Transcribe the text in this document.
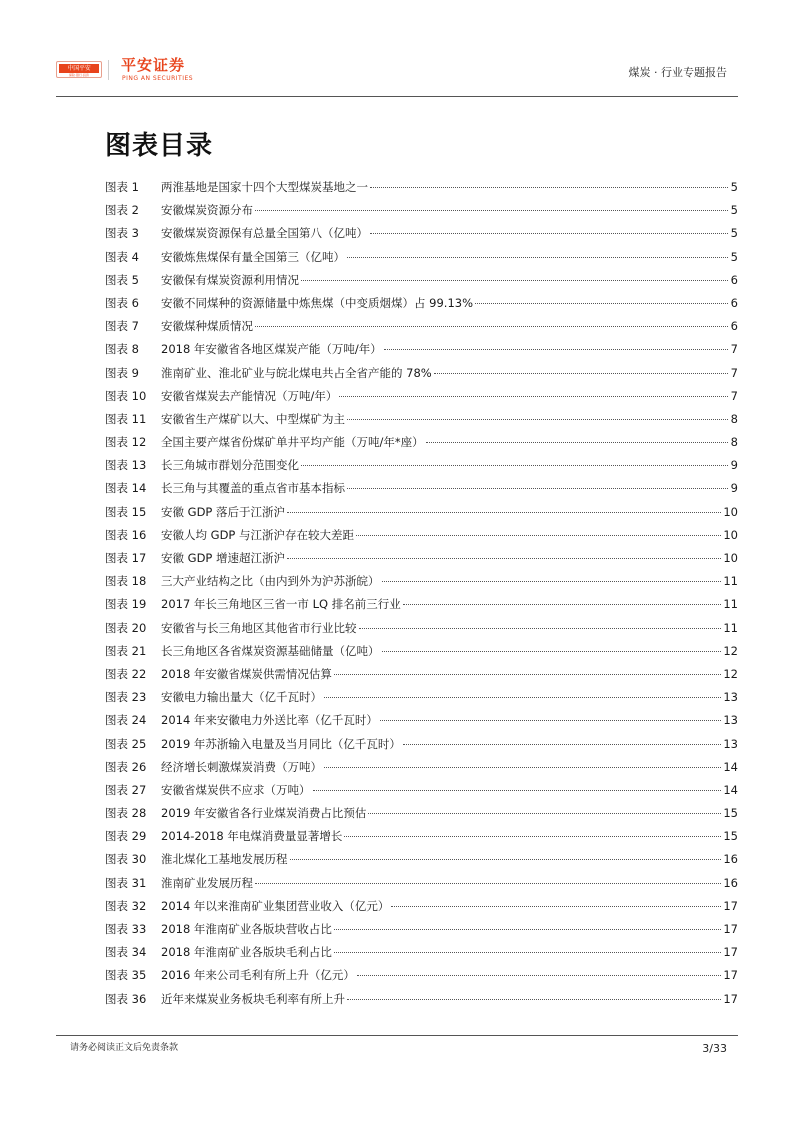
中国平安
保险·银行·投资
平安证券
PING AN SECURITIES	煤炭 · 行业专题报告
图表目录
图表 1	两淮基地是国家十四个大型煤炭基地之一	5
图表 2	安徽煤炭资源分布	5
图表 3	安徽煤炭资源保有总量全国第八（亿吨）	5
图表 4	安徽炼焦煤保有量全国第三（亿吨）	5
图表 5	安徽保有煤炭资源利用情况	6
图表 6	安徽不同煤种的资源储量中炼焦煤（中变质烟煤）占 99.13%	6
图表 7	安徽煤种煤质情况	6
图表 8	2018 年安徽省各地区煤炭产能（万吨/年）	7
图表 9	淮南矿业、淮北矿业与皖北煤电共占全省产能的 78%	7
图表 10	安徽省煤炭去产能情况（万吨/年）	7
图表 11	安徽省生产煤矿以大、中型煤矿为主	8
图表 12	全国主要产煤省份煤矿单井平均产能（万吨/年*座）	8
图表 13	长三角城市群划分范围变化	9
图表 14	长三角与其覆盖的重点省市基本指标	9
图表 15	安徽 GDP 落后于江浙沪	10
图表 16	安徽人均 GDP 与江浙沪存在较大差距	10
图表 17	安徽 GDP 增速超江浙沪	10
图表 18	三大产业结构之比（由内到外为沪苏浙皖）	11
图表 19	2017 年长三角地区三省一市 LQ 排名前三行业	11
图表 20	安徽省与长三角地区其他省市行业比较	11
图表 21	长三角地区各省煤炭资源基础储量（亿吨）	12
图表 22	2018 年安徽省煤炭供需情况估算	12
图表 23	安徽电力输出量大（亿千瓦时）	13
图表 24	2014 年来安徽电力外送比率（亿千瓦时）	13
图表 25	2019 年苏浙输入电量及当月同比（亿千瓦时）	13
图表 26	经济增长刺激煤炭消费（万吨）	14
图表 27	安徽省煤炭供不应求（万吨）	14
图表 28	2019 年安徽省各行业煤炭消费占比预估	15
图表 29	2014-2018 年电煤消费量显著增长	15
图表 30	淮北煤化工基地发展历程	16
图表 31	淮南矿业发展历程	16
图表 32	2014 年以来淮南矿业集团营业收入（亿元）	17
图表 33	2018 年淮南矿业各版块营收占比	17
图表 34	2018 年淮南矿业各版块毛利占比	17
图表 35	2016 年来公司毛利有所上升（亿元）	17
图表 36	近年来煤炭业务板块毛利率有所上升	17
请务必阅读正文后免责条款	3/33
